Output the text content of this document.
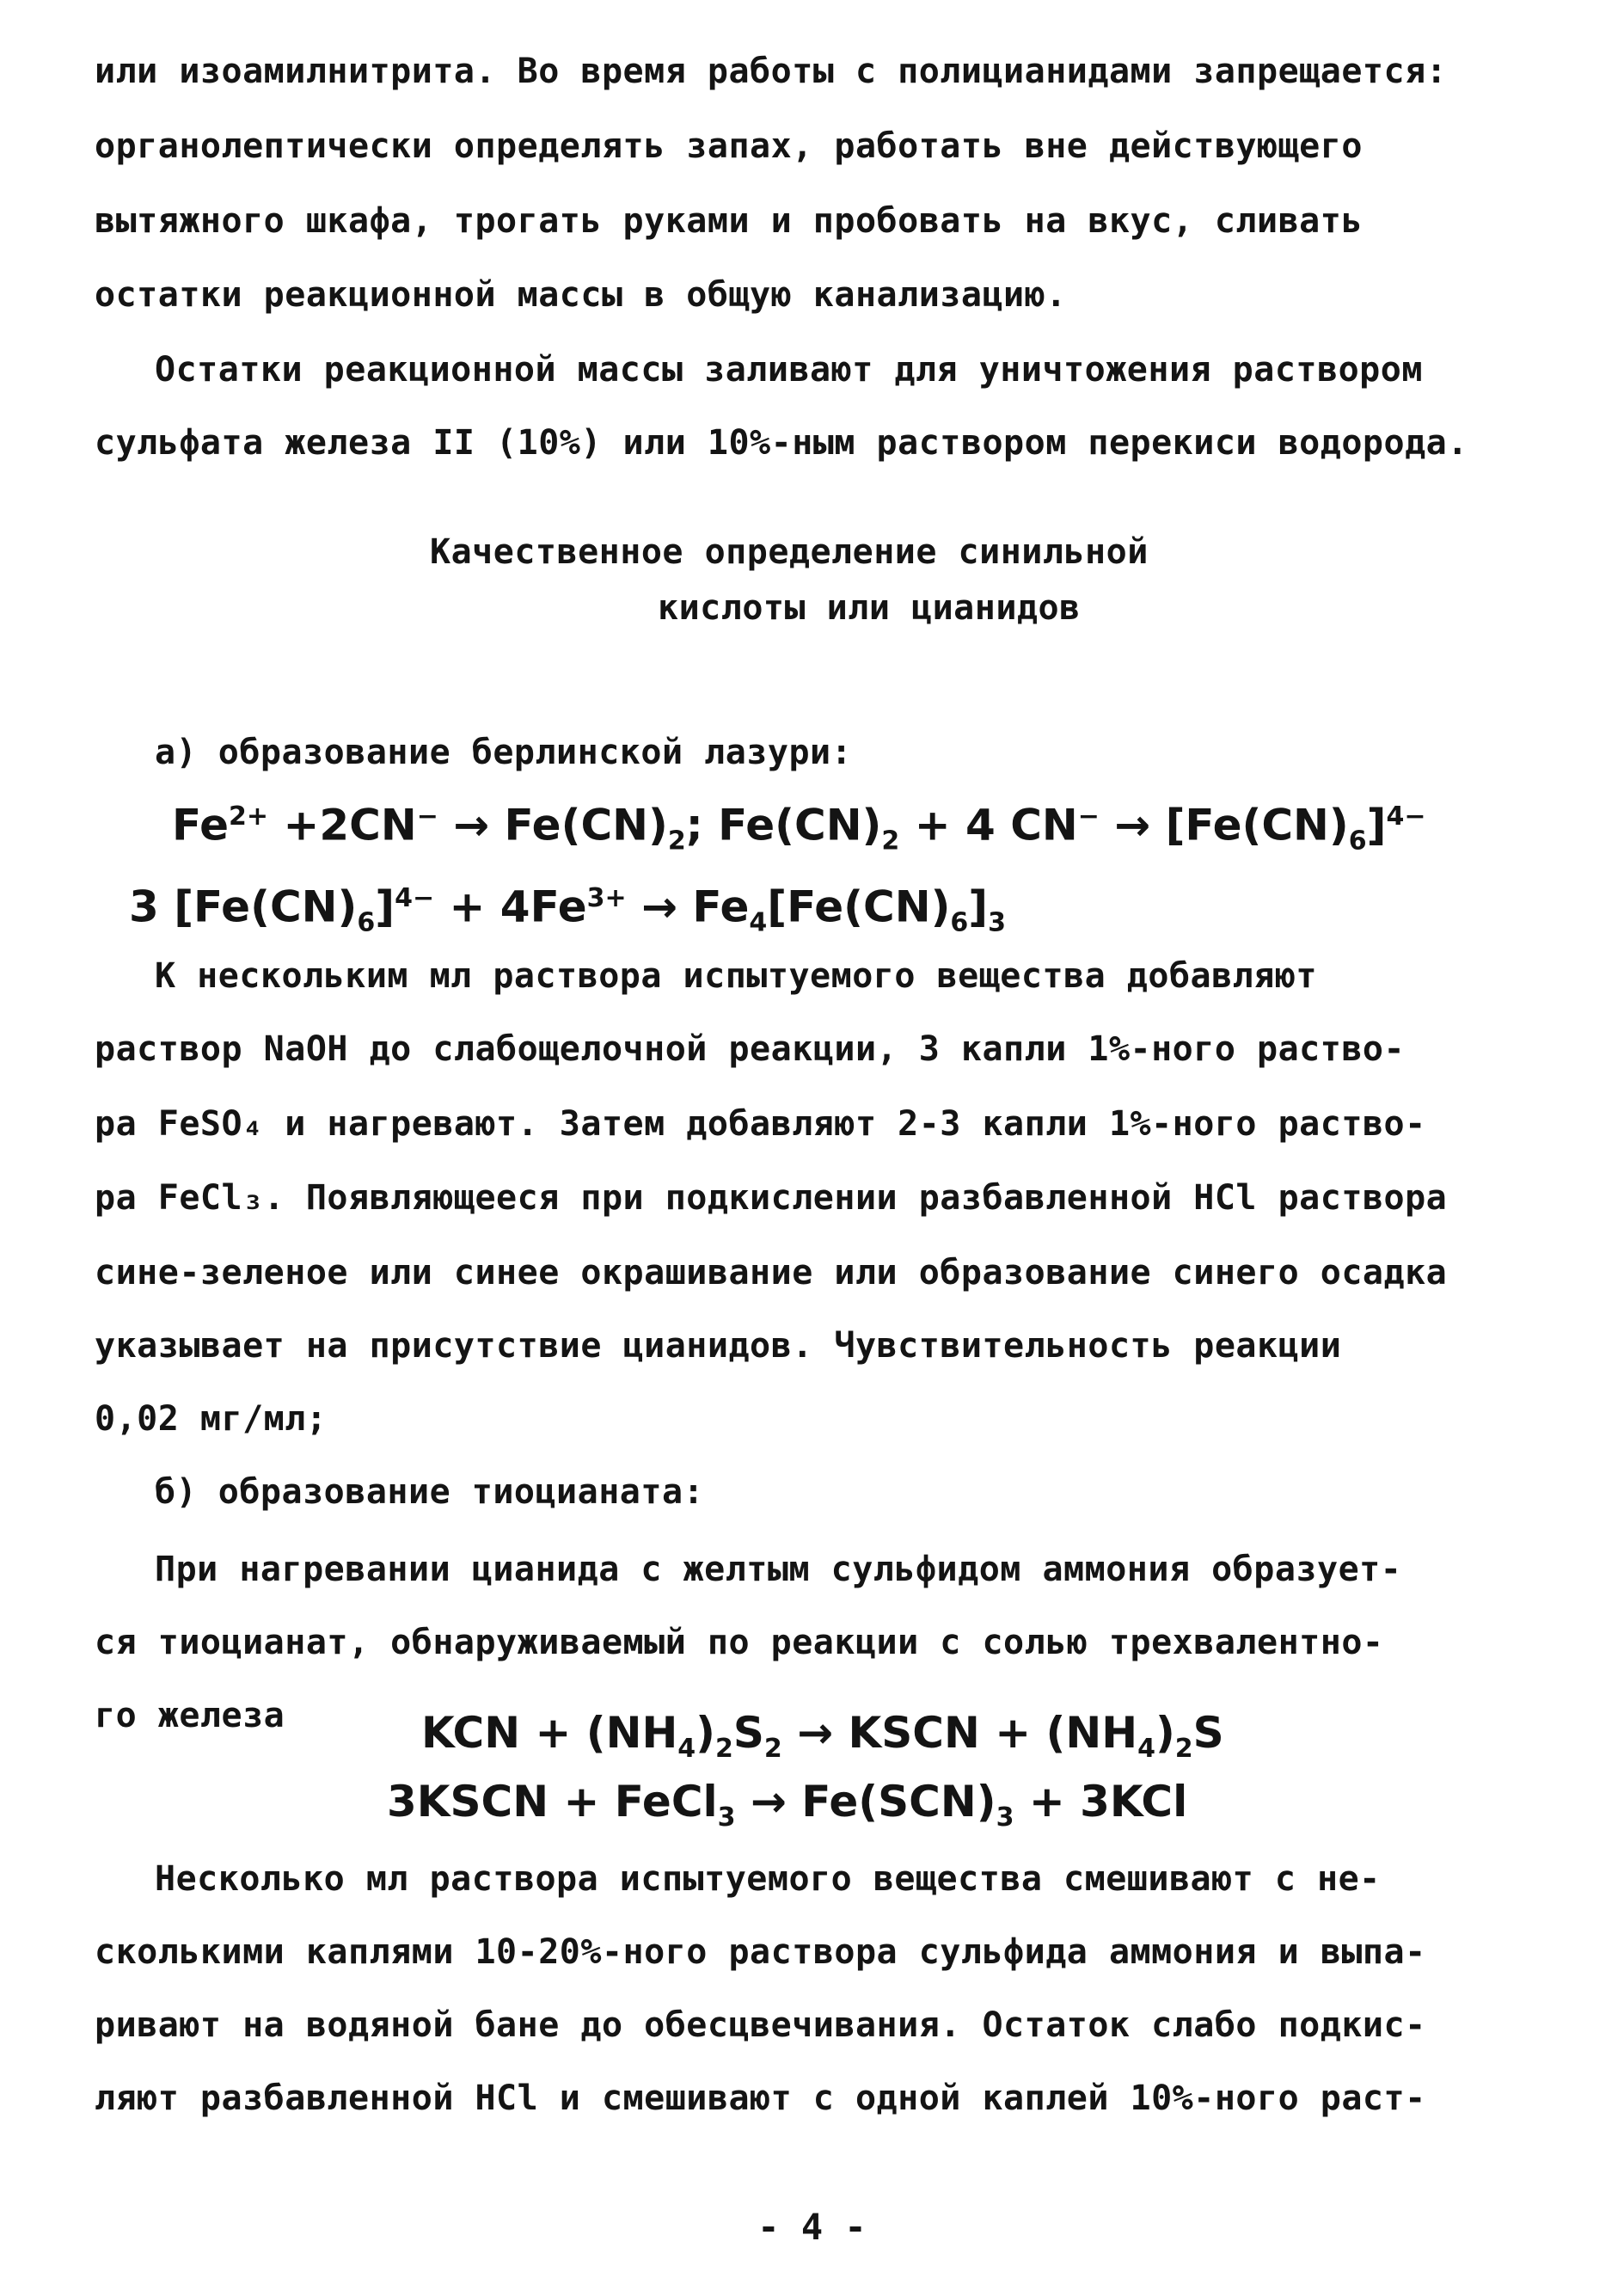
или изоамилнитрита. Во время работы с полицианидами запрещается:
органолептически определять запах, работать вне действующего
вытяжного шкафа, трогать руками и пробовать на вкус, сливать
остатки реакционной массы в общую канализацию.
Остатки реакционной массы заливают для уничтожения раствором
сульфата железа II (10%) или 10%-ным раствором перекиси водорода.
Качественное определение синильной
кислоты или цианидов
а) образование берлинской лазури:
$Fe^{2+} +2CN^- \to Fe(CN)_2$; $Fe(CN)_2 + 4$ $CN^- \to [Fe(CN)_6]^{4-}$
3 $[Fe(CN)_6]^{4-} + 4Fe^{3+} \to Fe_4[Fe(CN)_6]_3$
К нескольким мл раствора испытуемого вещества добавляют
раствор NaOH до слабощелочной реакции, 3 капли 1%-ного раство-
ра FeSO₄ и нагревают. Затем добавляют 2-3 капли 1%-ного раство-
ра FeCl₃. Появляющееся при подкислении разбавленной HCl раствора
сине-зеленое или синее окрашивание или образование синего осадка
указывает на присутствие цианидов. Чувствительность реакции
0,02 мг/мл;
б) образование тиоцианата:
При нагревании цианида с желтым сульфидом аммония образует-
ся тиоцианат, обнаруживаемый по реакции с солью трехвалентно-
го железа	KCN + $(NH_4)_2S_2$ → KSCN + $(NH_4)_2S$
3KSCN + FeCl$_3$ → $Fe(SCN)_3 + 3KCl$
Несколько мл раствора испытуемого вещества смешивают с не-
сколькими каплями 10-20%-ного раствора сульфида аммония и выпа-
ривают на водяной бане до обесцвечивания. Остаток слабо подкис-
ляют разбавленной HCl и смешивают с одной каплей 10%-ного раст-
- 4 -
